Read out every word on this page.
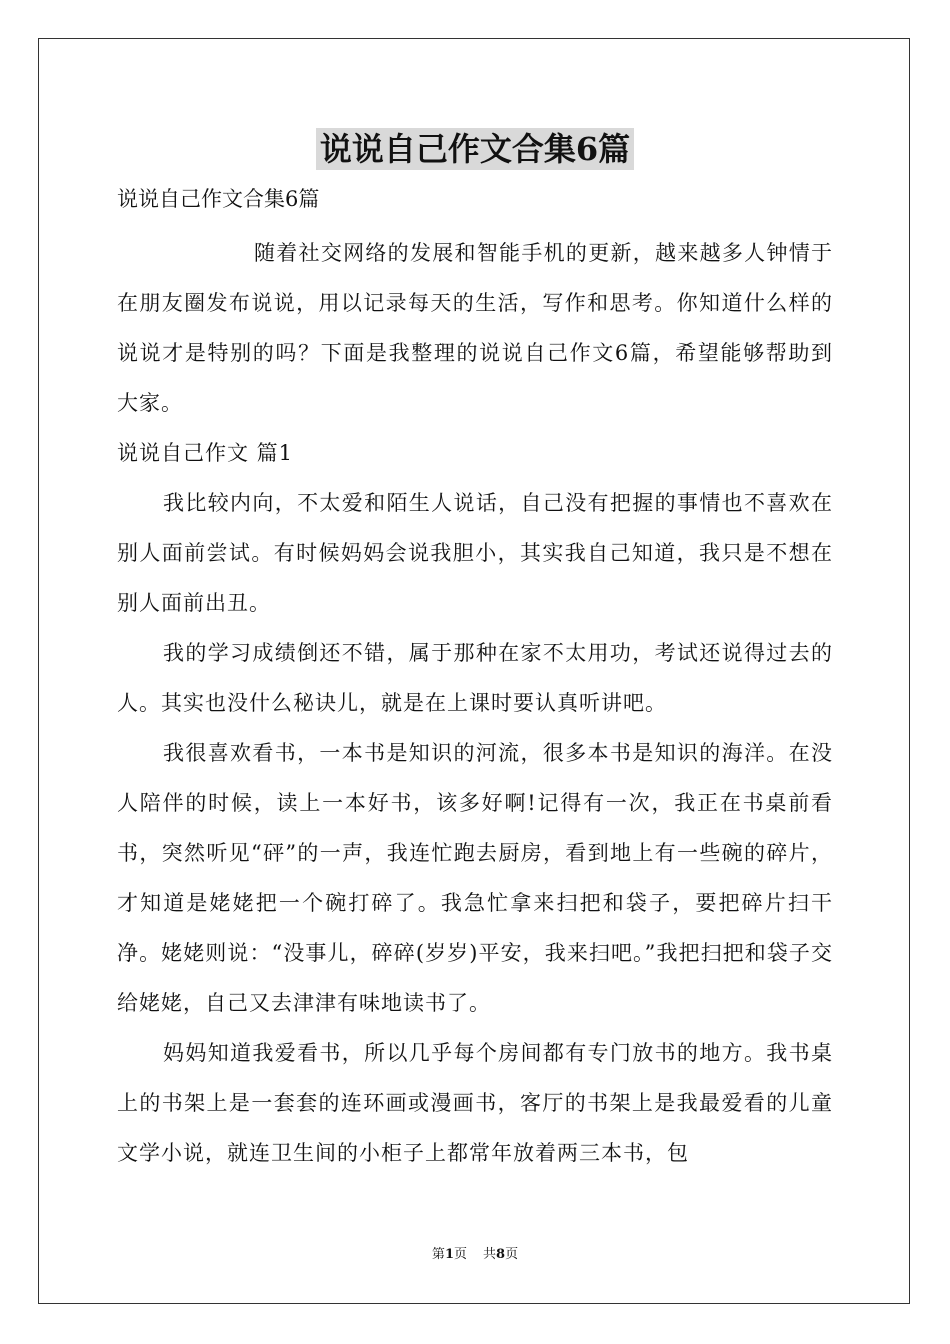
说说自己作文合集6篇
说说自己作文合集6篇

随着社交网络的发展和智能手机的更新，越来越多人钟情于在朋友圈发布说说，用以记录每天的生活，写作和思考。你知道什么样的说说才是特别的吗？下面是我整理的说说自己作文6篇，希望能够帮助到大家。

说说自己作文 篇1

我比较内向，不太爱和陌生人说话，自己没有把握的事情也不喜欢在别人面前尝试。有时候妈妈会说我胆小，其实我自己知道，我只是不想在别人面前出丑。

我的学习成绩倒还不错，属于那种在家不太用功，考试还说得过去的人。其实也没什么秘诀儿，就是在上课时要认真听讲吧。

我很喜欢看书，一本书是知识的河流，很多本书是知识的海洋。在没人陪伴的时候，读上一本好书，该多好啊!记得有一次，我正在书桌前看书，突然听见“砰”的一声，我连忙跑去厨房，看到地上有一些碗的碎片，才知道是姥姥把一个碗打碎了。我急忙拿来扫把和袋子，要把碎片扫干净。姥姥则说：“没事儿，碎碎(岁岁)平安，我来扫吧。”我把扫把和袋子交给姥姥，自己又去津津有味地读书了。

妈妈知道我爱看书，所以几乎每个房间都有专门放书的地方。我书桌上的书架上是一套套的连环画或漫画书，客厅的书架上是我最爱看的儿童文学小说，就连卫生间的小柜子上都常年放着两三本书，包

第1页 共8页
